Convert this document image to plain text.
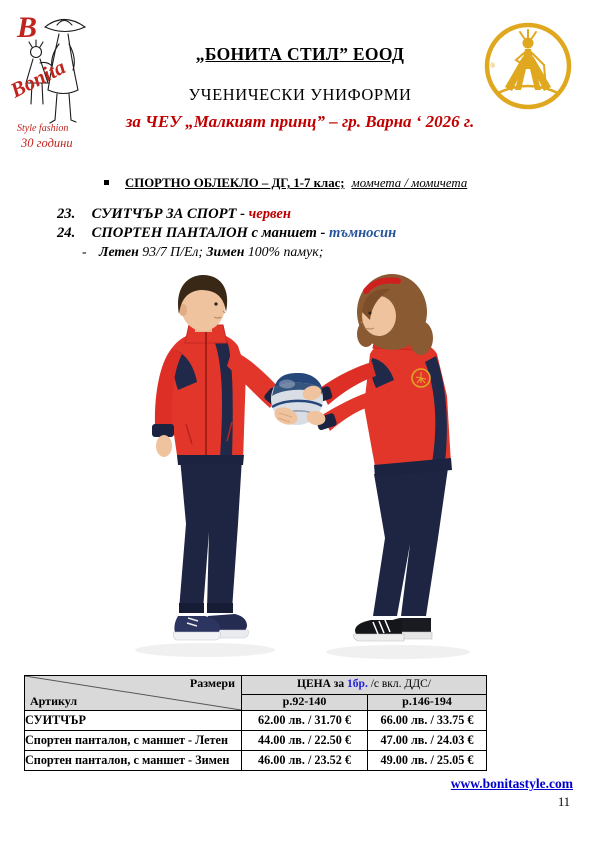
B
Bonita
Style fashion
30 години
®
„БОНИТА СТИЛ” ЕООД
УЧЕНИЧЕСКИ УНИФОРМИ
за ЧЕУ „Малкият принц” – гр. Варна ‘ 2026 г.
СПОРТНО ОБЛЕКЛО – ДГ, 1-7 клас; момчета / момичета
23. СУИТЧЪР ЗА СПОРТ - червен
24. СПОРТЕН ПАНТАЛОН с маншет - тъмносин
- Летен 93/7 П/Ел; Зимен 100% памук;
Размери
Артикул	ЦЕНА за 1бр. /с вкл. ДДС/	
	р.92-140	р.146-194
СУИТЧЪР	62.00 лв. / 31.70 €	66.00 лв. / 33.75 €
Спортен панталон, с маншет - Летен	44.00 лв. / 22.50 €	47.00 лв. / 24.03 €
Спортен панталон, с маншет - Зимен	46.00 лв. / 23.52 €	49.00 лв. / 25.05 €
www.bonitastyle.com
11
